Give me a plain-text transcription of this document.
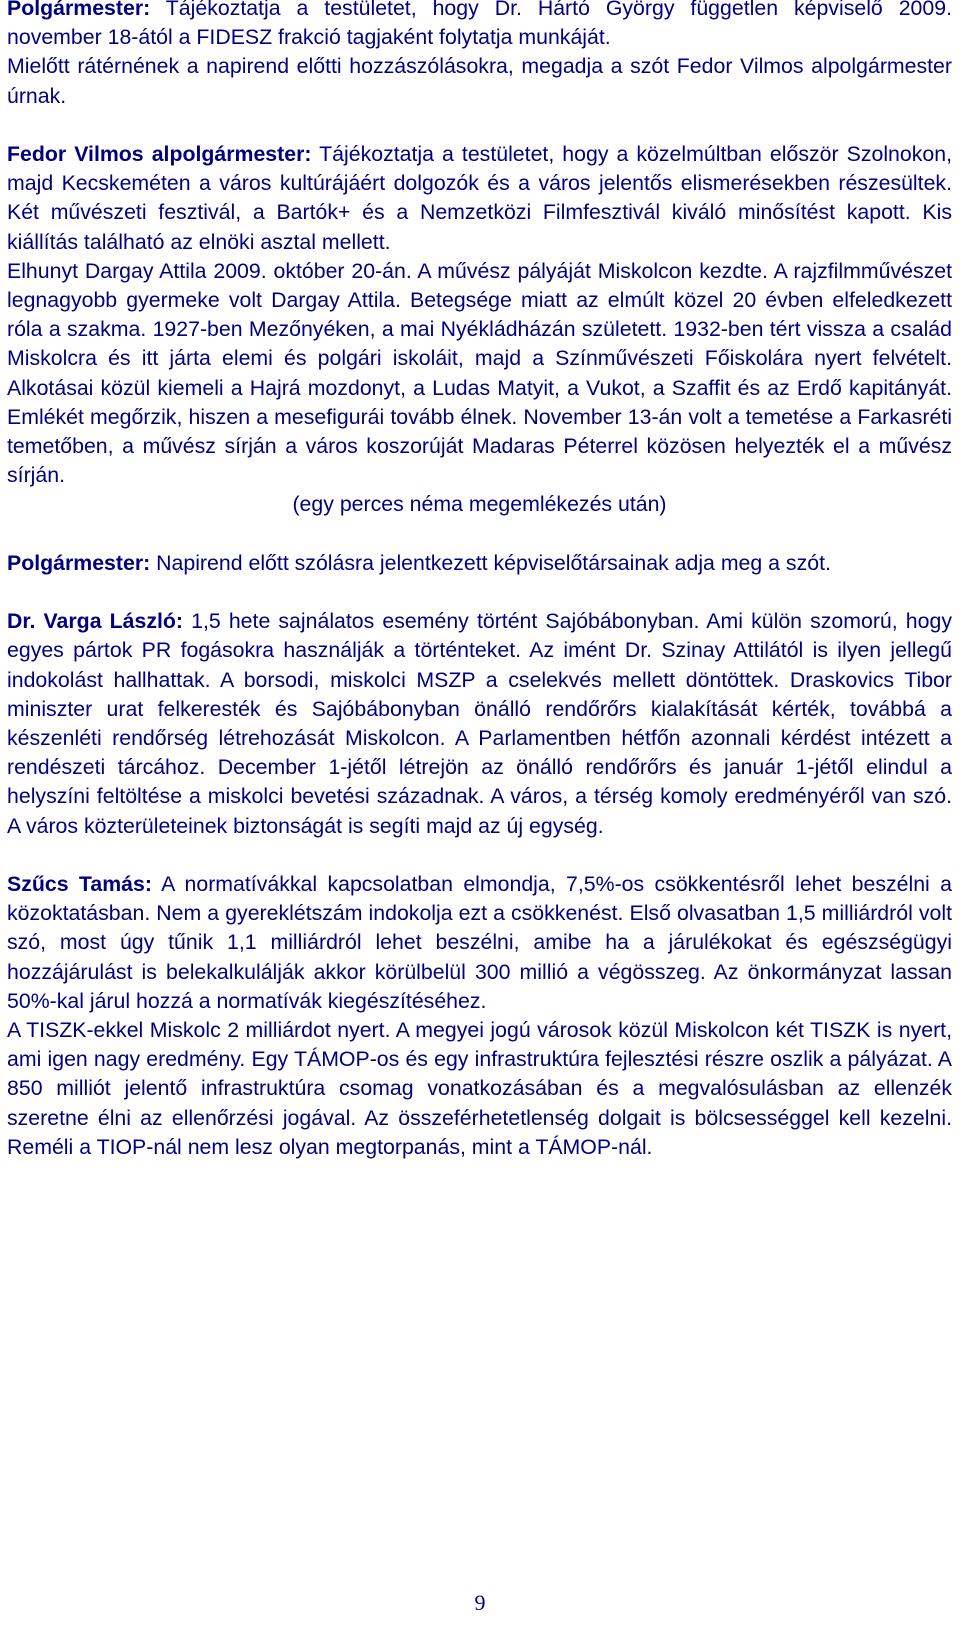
Polgármester: Tájékoztatja a testületet, hogy Dr. Hártó György független képviselő 2009. november 18-ától a FIDESZ frakció tagjaként folytatja munkáját.

Mielőtt rátérnének a napirend előtti hozzászólásokra, megadja a szót Fedor Vilmos alpolgármester úrnak.

Fedor Vilmos alpolgármester: Tájékoztatja a testületet, hogy a közelmúltban először Szolnokon, majd Kecskeméten a város kultúrájáért dolgozók és a város jelentős elismerésekben részesültek. Két művészeti fesztivál, a Bartók+ és a Nemzetközi Filmfesztivál kiváló minősítést kapott. Kis kiállítás található az elnöki asztal mellett.

Elhunyt Dargay Attila 2009. október 20-án. A művész pályáját Miskolcon kezdte. A rajzfilmművészet legnagyobb gyermeke volt Dargay Attila. Betegsége miatt az elmúlt közel 20 évben elfeledkezett róla a szakma. 1927-ben Mezőnyéken, a mai Nyékládházán született. 1932-ben tért vissza a család Miskolcra és itt járta elemi és polgári iskoláit, majd a Színművészeti Főiskolára nyert felvételt. Alkotásai közül kiemeli a Hajrá mozdonyt, a Ludas Matyit, a Vukot, a Szaffit és az Erdő kapitányát. Emlékét megőrzik, hiszen a mesefigurái tovább élnek. November 13-án volt a temetése a Farkasréti temetőben, a művész sírján a város koszorúját Madaras Péterrel közösen helyezték el a művész sírján.

(egy perces néma megemlékezés után)

Polgármester: Napirend előtt szólásra jelentkezett képviselőtársainak adja meg a szót.

Dr. Varga László: 1,5 hete sajnálatos esemény történt Sajóbábonyban. Ami külön szomorú, hogy egyes pártok PR fogásokra használják a történteket. Az imént Dr. Szinay Attilától is ilyen jellegű indokolást hallhattak. A borsodi, miskolci MSZP a cselekvés mellett döntöttek. Draskovics Tibor miniszter urat felkeresték és Sajóbábonyban önálló rendőrőrs kialakítását kérték, továbbá a készenléti rendőrség létrehozását Miskolcon. A Parlamentben hétfőn azonnali kérdést intézett a rendészeti tárcához. December 1-jétől létrejön az önálló rendőrőrs és január 1-jétől elindul a helyszíni feltöltése a miskolci bevetési századnak. A város, a térség komoly eredményéről van szó. A város közterületeinek biztonságát is segíti majd az új egység.

Szűcs Tamás: A normatívákkal kapcsolatban elmondja, 7,5%-os csökkentésről lehet beszélni a közoktatásban. Nem a gyereklétszám indokolja ezt a csökkenést. Első olvasatban 1,5 milliárdról volt szó, most úgy tűnik 1,1 milliárdról lehet beszélni, amibe ha a járulékokat és egészségügyi hozzájárulást is belekalkulálják akkor körülbelül 300 millió a végösszeg. Az önkormányzat lassan 50%-kal járul hozzá a normatívák kiegészítéséhez.

A TISZK-ekkel Miskolc 2 milliárdot nyert. A megyei jogú városok közül Miskolcon két TISZK is nyert, ami igen nagy eredmény. Egy TÁMOP-os és egy infrastruktúra fejlesztési részre oszlik a pályázat. A 850 milliót jelentő infrastruktúra csomag vonatkozásában és a megvalósulásban az ellenzék szeretne élni az ellenőrzési jogával. Az összeférhetetlenség dolgait is bölcsességgel kell kezelni. Reméli a TIOP-nál nem lesz olyan megtorpanás, mint a TÁMOP-nál.

9
